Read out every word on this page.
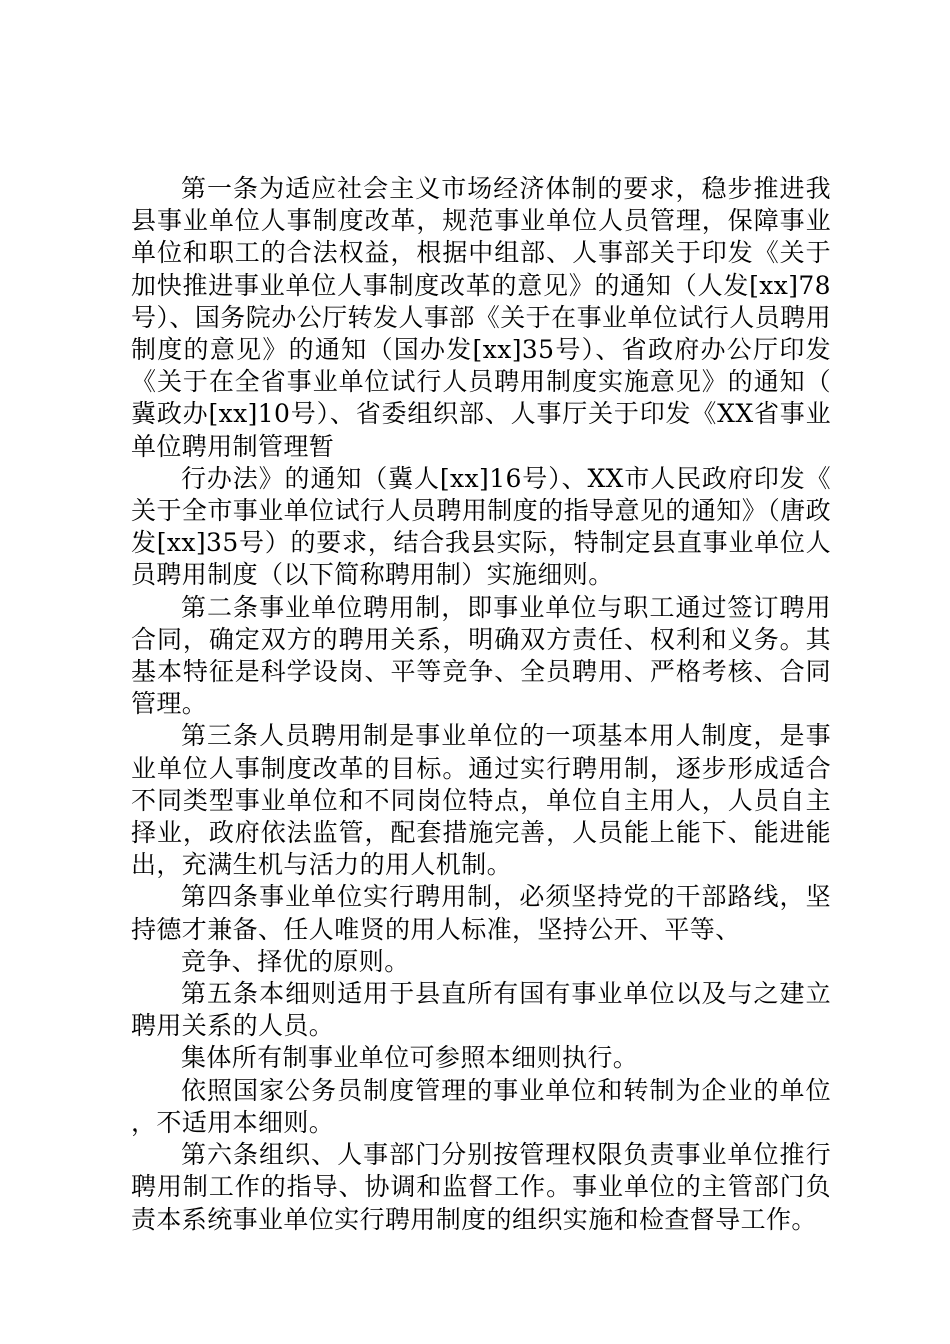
第一条为适应社会主义市场经济体制的要求，稳步推进我县事业单位人事制度改革，规范事业单位人员管理，保障事业单位和职工的合法权益，根据中组部、人事部关于印发《关于加快推进事业单位人事制度改革的意见》的通知（人发[xx]78号）、国务院办公厅转发人事部《关于在事业单位试行人员聘用制度的意见》的通知（国办发[xx]35号）、省政府办公厅印发《关于在全省事业单位试行人员聘用制度实施意见》的通知（冀政办[xx]10号）、省委组织部、人事厅关于印发《XX省事业单位聘用制管理暂

行办法》的通知（冀人[xx]16号）、XX市人民政府印发《关于全市事业单位试行人员聘用制度的指导意见的通知》（唐政发[xx]35号）的要求，结合我县实际，特制定县直事业单位人员聘用制度（以下简称聘用制）实施细则。

第二条事业单位聘用制，即事业单位与职工通过签订聘用合同，确定双方的聘用关系，明确双方责任、权利和义务。其基本特征是科学设岗、平等竞争、全员聘用、严格考核、合同管理。

第三条人员聘用制是事业单位的一项基本用人制度，是事业单位人事制度改革的目标。通过实行聘用制，逐步形成适合不同类型事业单位和不同岗位特点，单位自主用人，人员自主择业，政府依法监管，配套措施完善，人员能上能下、能进能出，充满生机与活力的用人机制。

第四条事业单位实行聘用制，必须坚持党的干部路线，坚持德才兼备、任人唯贤的用人标准，坚持公开、平等、

竞争、择优的原则。

第五条本细则适用于县直所有国有事业单位以及与之建立聘用关系的人员。

集体所有制事业单位可参照本细则执行。

依照国家公务员制度管理的事业单位和转制为企业的单位，不适用本细则。

第六条组织、人事部门分别按管理权限负责事业单位推行聘用制工作的指导、协调和监督工作。事业单位的主管部门负责本系统事业单位实行聘用制度的组织实施和检查督导工作。
